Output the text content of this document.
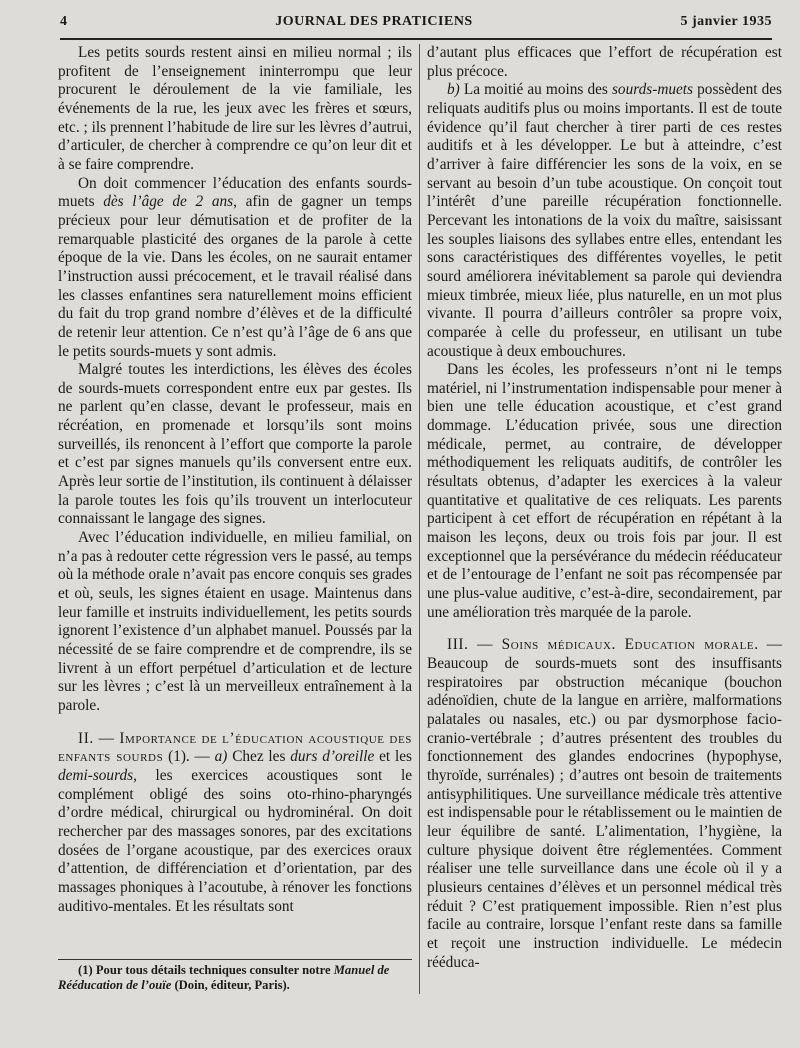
4	JOURNAL DES PRATICIENS	5 janvier 1935

Les petits sourds restent ainsi en milieu normal ; ils profitent de l’enseignement ininterrompu que leur procurent le déroulement de la vie familiale, les événements de la rue, les jeux avec les frères et sœurs, etc. ; ils prennent l’habitude de lire sur les lèvres d’autrui, d’articuler, de chercher à comprendre ce qu’on leur dit et à se faire comprendre.

On doit commencer l’éducation des enfants sourds-muets dès l’âge de 2 ans, afin de gagner un temps précieux pour leur démutisation et de profiter de la remarquable plasticité des organes de la parole à cette époque de la vie. Dans les écoles, on ne saurait entamer l’instruction aussi précocement, et le travail réalisé dans les classes enfantines sera naturellement moins efficient du fait du trop grand nombre d’élèves et de la difficulté de retenir leur attention. Ce n’est qu’à l’âge de 6 ans que le petits sourds-muets y sont admis.

Malgré toutes les interdictions, les élèves des écoles de sourds-muets correspondent entre eux par gestes. Ils ne parlent qu’en classe, devant le professeur, mais en récréation, en promenade et lorsqu’ils sont moins surveillés, ils renoncent à l’effort que comporte la parole et c’est par signes manuels qu’ils conversent entre eux. Après leur sortie de l’institution, ils continuent à délaisser la parole toutes les fois qu’ils trouvent un interlocuteur connaissant le langage des signes.

Avec l’éducation individuelle, en milieu familial, on n’a pas à redouter cette régression vers le passé, au temps où la méthode orale n’avait pas encore conquis ses grades et où, seuls, les signes étaient en usage. Maintenus dans leur famille et instruits individuellement, les petits sourds ignorent l’existence d’un alphabet manuel. Poussés par la nécessité de se faire comprendre et de comprendre, ils se livrent à un effort perpétuel d’articulation et de lecture sur les lèvres ; c’est là un merveilleux entraînement à la parole.

II. — Importance de l’éducation acoustique des enfants sourds (1). — a) Chez les durs d’oreille et les demi-sourds, les exercices acoustiques sont le complément obligé des soins oto-rhino-pharyngés d’ordre médical, chirurgical ou hydrominéral. On doit rechercher par des massages sonores, par des excitations dosées de l’organe acoustique, par des exercices oraux d’attention, de différenciation et d’orientation, par des massages phoniques à l’acoutube, à rénover les fonctions auditivo-mentales. Et les résultats sont

(1) Pour tous détails techniques consulter notre Manuel de Rééducation de l’ouïe (Doin, éditeur, Paris).

d’autant plus efficaces que l’effort de récupération est plus précoce.

b) La moitié au moins des sourds-muets possèdent des reliquats auditifs plus ou moins importants. Il est de toute évidence qu’il faut chercher à tirer parti de ces restes auditifs et à les développer. Le but à atteindre, c’est d’arriver à faire différencier les sons de la voix, en se servant au besoin d’un tube acoustique. On conçoit tout l’intérêt d’une pareille récupération fonctionnelle. Percevant les intonations de la voix du maître, saisissant les souples liaisons des syllabes entre elles, entendant les sons caractéristiques des différentes voyelles, le petit sourd améliorera inévitablement sa parole qui deviendra mieux timbrée, mieux liée, plus naturelle, en un mot plus vivante. Il pourra d’ailleurs contrôler sa propre voix, comparée à celle du professeur, en utilisant un tube acoustique à deux embouchures.

Dans les écoles, les professeurs n’ont ni le temps matériel, ni l’instrumentation indispensable pour mener à bien une telle éducation acoustique, et c’est grand dommage. L’éducation privée, sous une direction médicale, permet, au contraire, de développer méthodiquement les reliquats auditifs, de contrôler les résultats obtenus, d’adapter les exercices à la valeur quantitative et qualitative de ces reliquats. Les parents participent à cet effort de récupération en répétant à la maison les leçons, deux ou trois fois par jour. Il est exceptionnel que la persévérance du médecin rééducateur et de l’entourage de l’enfant ne soit pas récompensée par une plus-value auditive, c’est-à-dire, secondairement, par une amélioration très marquée de la parole.

III. — Soins médicaux. Education morale. — Beaucoup de sourds-muets sont des insuffisants respiratoires par obstruction mécanique (bouchon adénoïdien, chute de la langue en arrière, malformations palatales ou nasales, etc.) ou par dysmorphose facio-cranio-vertébrale ; d’autres présentent des troubles du fonctionnement des glandes endocrines (hypophyse, thyroïde, surrénales) ; d’autres ont besoin de traitements antisyphilitiques. Une surveillance médicale très attentive est indispensable pour le rétablissement ou le maintien de leur équilibre de santé. L’alimentation, l’hygiène, la culture physique doivent être réglementées. Comment réaliser une telle surveillance dans une école où il y a plusieurs centaines d’élèves et un personnel médical très réduit ? C’est pratiquement impossible. Rien n’est plus facile au contraire, lorsque l’enfant reste dans sa famille et reçoit une instruction individuelle. Le médecin rééduca-
